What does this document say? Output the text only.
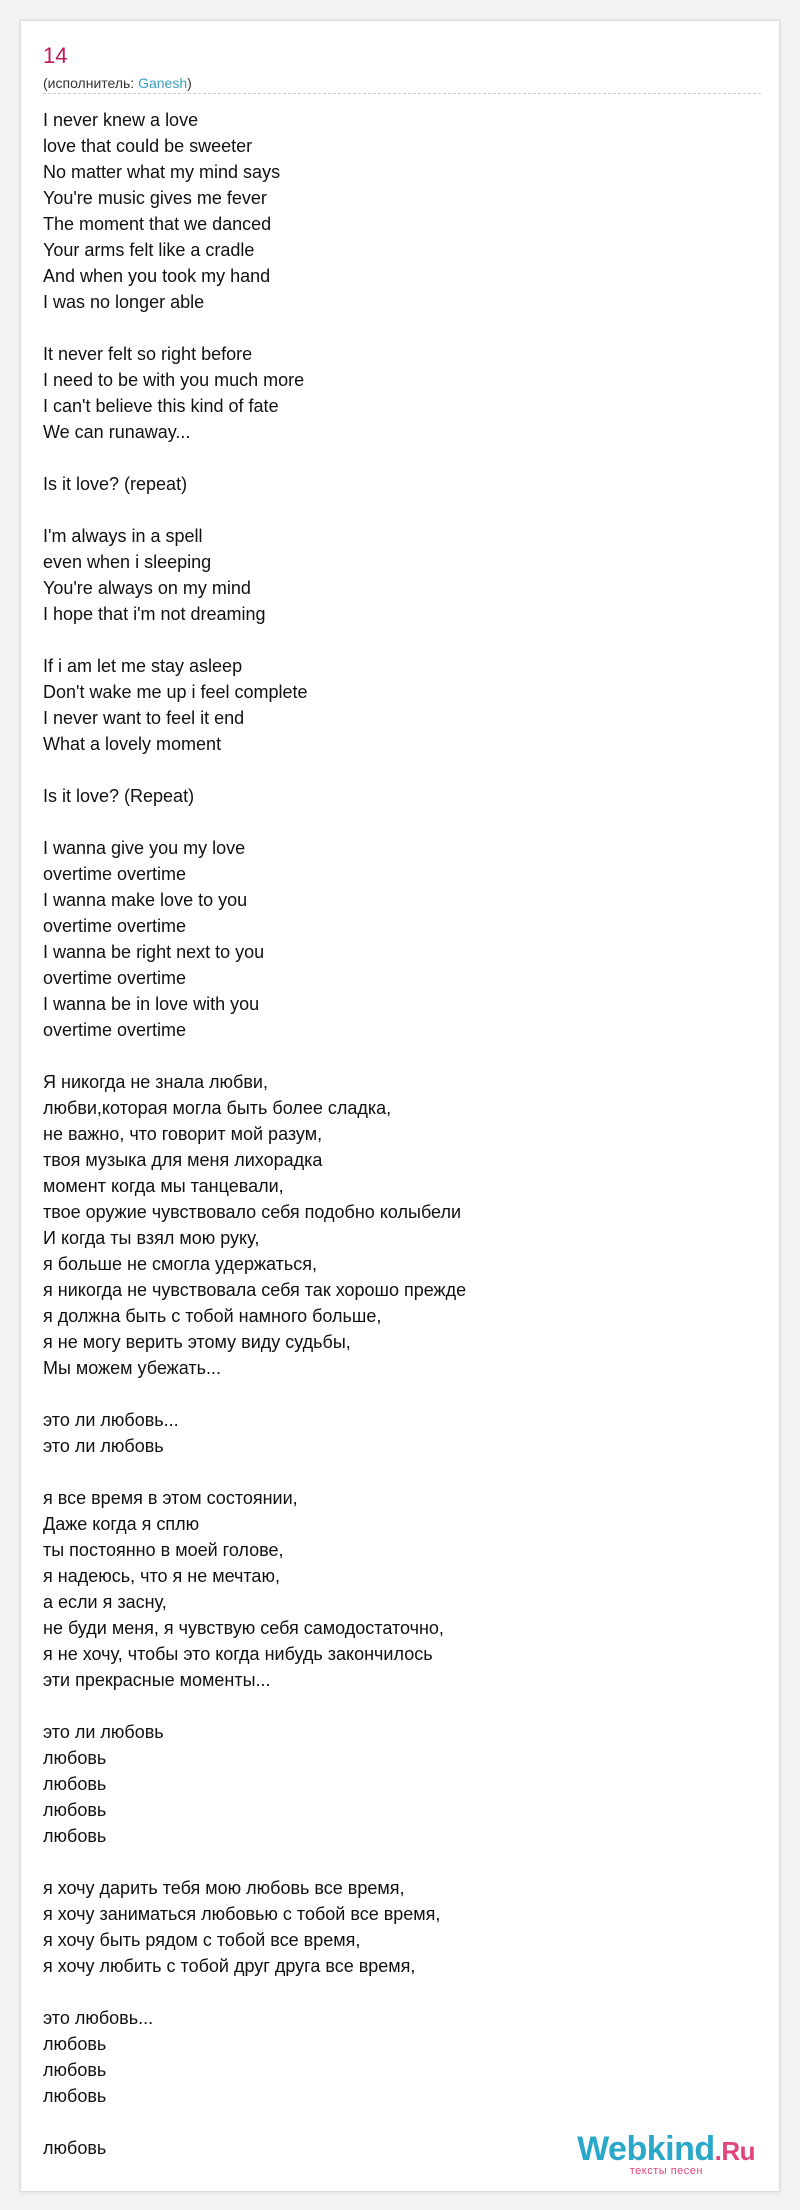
14
(исполнитель: Ganesh)
I never knew a love
love that could be sweeter
No matter what my mind says
You're music gives me fever
The moment that we danced
Your arms felt like a cradle
And when you took my hand
I was no longer able
It never felt so right before
I need to be with you much more
I can't believe this kind of fate
We can runaway...
Is it love? (repeat)
I'm always in a spell
even when i sleeping
You're always on my mind
I hope that i'm not dreaming
If i am let me stay asleep
Don't wake me up i feel complete
I never want to feel it end
What a lovely moment
Is it love? (Repeat)
I wanna give you my love
overtime overtime
I wanna make love to you
overtime overtime
I wanna be right next to you
overtime overtime
I wanna be in love with you
overtime overtime
Я никогда не знала любви,
любви,которая могла быть более сладка,
не важно, что говорит мой разум,
твоя музыка для меня лихорадка
момент когда мы танцевали,
твое оружие чувствовало себя подобно колыбели
И когда ты взял мою руку,
я больше не смогла удержаться,
я никогда не чувствовала себя так хорошо прежде
я должна быть с тобой намного больше,
я не могу верить этому виду судьбы,
Мы можем убежать...
это ли любовь...
это ли любовь
я все время в этом состоянии,
Даже когда я сплю
ты постоянно в моей голове,
я надеюсь, что я не мечтаю,
а если я засну,
не буди меня, я чувствую себя самодостаточно,
я не хочу, чтобы это когда нибудь закончилось
эти прекрасные моменты...
это ли любовь
любовь
любовь
любовь
любовь
я хочу дарить тебя мою любовь все время,
я хочу заниматься любовью с тобой все время,
я хочу быть рядом с тобой все время,
я хочу любить с тобой друг друга все время,
это любовь...
любовь
любовь
любовь
любовь	Webkind.Ru
тексты песен
